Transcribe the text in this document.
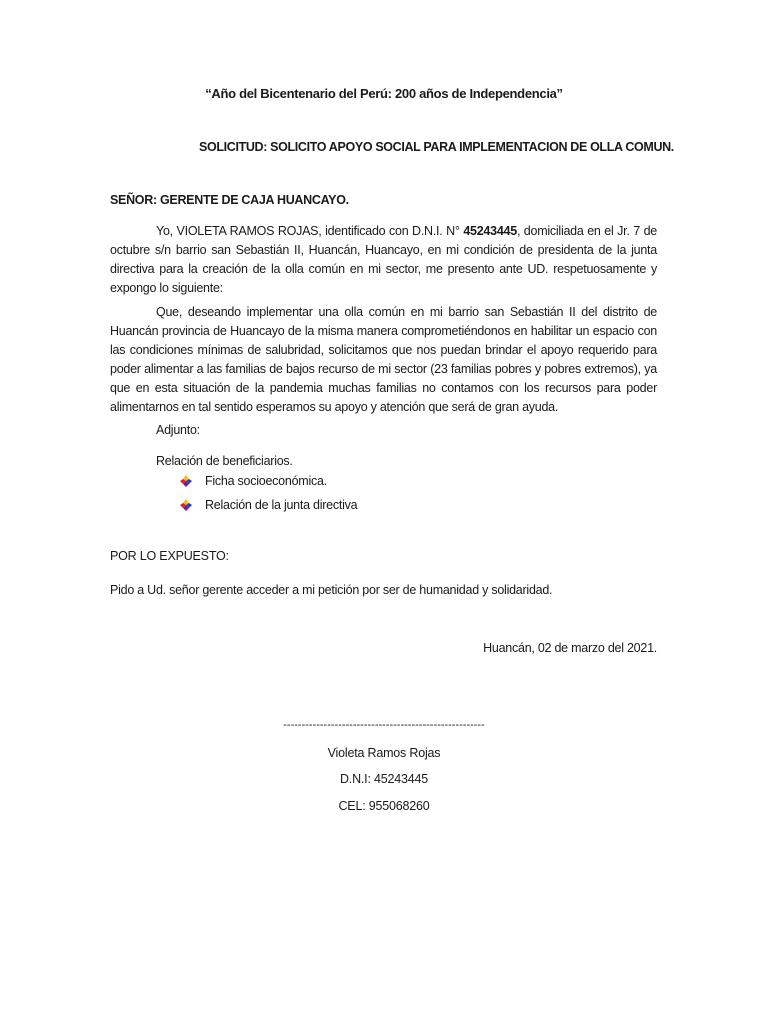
“Año del Bicentenario del Perú: 200 años de Independencia”
SOLICITUD: SOLICITO APOYO SOCIAL PARA IMPLEMENTACION DE OLLA COMUN.
SEÑOR: GERENTE DE CAJA HUANCAYO.

Yo, VIOLETA RAMOS ROJAS, identificado con D.N.I. N° 45243445, domiciliada en el Jr. 7 de octubre s/n barrio san Sebastián II, Huancán, Huancayo, en mi condición de presidenta de la junta directiva para la creación de la olla común en mi sector, me presento ante UD. respetuosamente y expongo lo siguiente:

Que, deseando implementar una olla común en mi barrio san Sebastián II del distrito de Huancán provincia de Huancayo de la misma manera comprometiéndonos en habilitar un espacio con las condiciones mínimas de salubridad, solicitamos que nos puedan brindar el apoyo requerido para poder alimentar a las familias de bajos recurso de mi sector (23 familias pobres y pobres extremos), ya que en esta situación de la pandemia muchas familias no contamos con los recursos para poder alimentarnos en tal sentido esperamos su apoyo y atención que será de gran ayuda.

Adjunto:
Relación de beneficiarios.
Ficha socioeconómica.
Relación de la junta directiva
POR LO EXPUESTO:
Pido a Ud. señor gerente acceder a mi petición por ser de humanidad y solidaridad.
Huancán, 02 de marzo del 2021.
-------------------------------------------------------
Violeta Ramos Rojas
D.N.I: 45243445
CEL: 955068260
